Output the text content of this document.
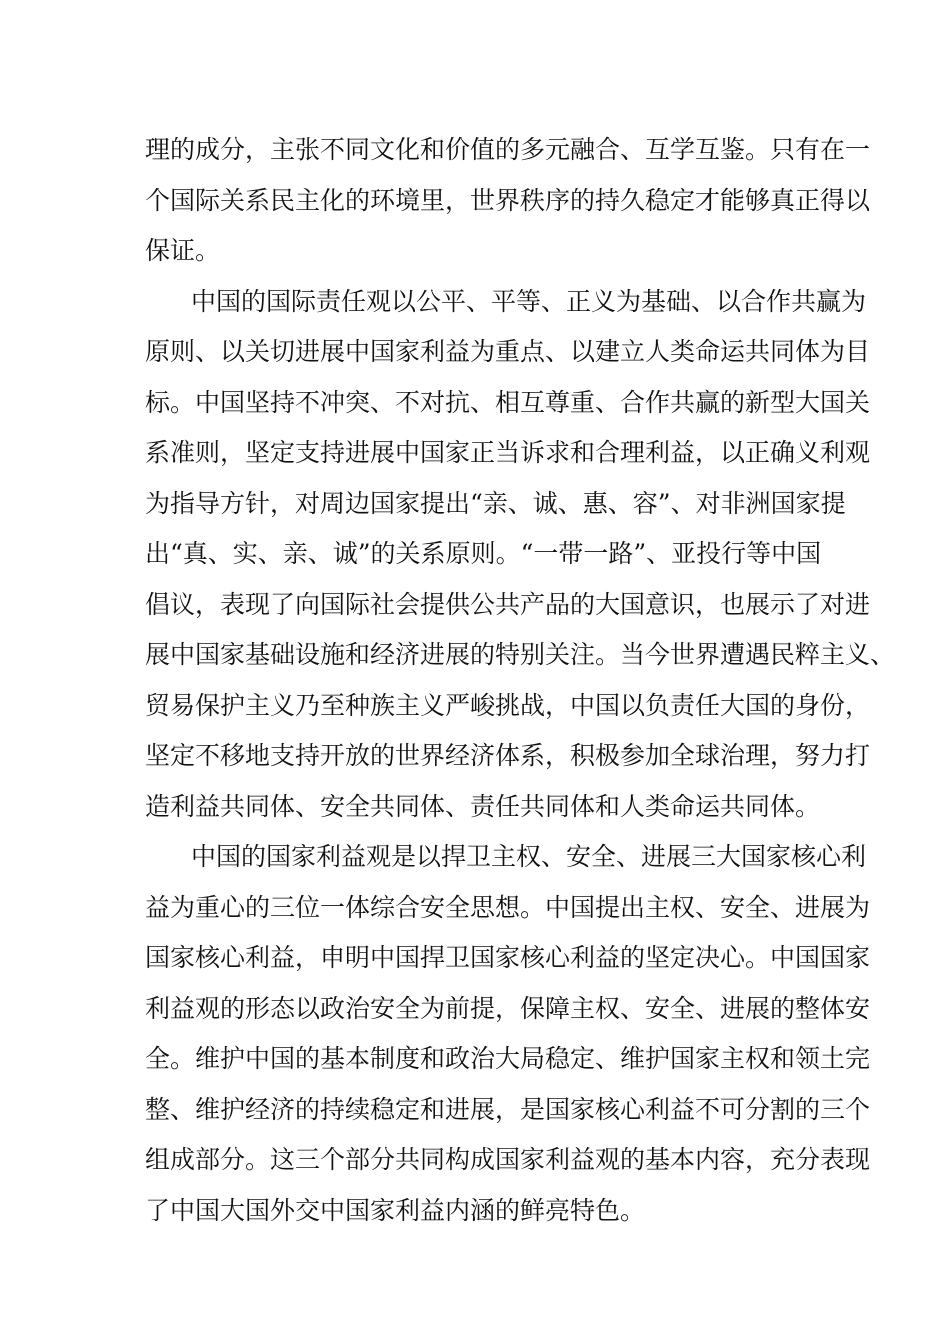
理的成分，主张不同文化和价值的多元融合、互学互鉴。只有在一
个国际关系民主化的环境里，世界秩序的持久稳定才能够真正得以
保证。
中国的国际责任观以公平、平等、正义为基础、以合作共赢为
原则、以关切进展中国家利益为重点、以建立人类命运共同体为目
标。中国坚持不冲突、不对抗、相互尊重、合作共赢的新型大国关
系准则，坚定支持进展中国家正当诉求和合理利益，以正确义利观
为指导方针，对周边国家提出“亲、诚、惠、容”、对非洲国家提
出“真、实、亲、诚”的关系原则。“一带一路”、亚投行等中国
倡议，表现了向国际社会提供公共产品的大国意识，也展示了对进
展中国家基础设施和经济进展的特别关注。当今世界遭遇民粹主义、
贸易保护主义乃至种族主义严峻挑战，中国以负责任大国的身份，
坚定不移地支持开放的世界经济体系，积极参加全球治理，努力打
造利益共同体、安全共同体、责任共同体和人类命运共同体。
中国的国家利益观是以捍卫主权、安全、进展三大国家核心利
益为重心的三位一体综合安全思想。中国提出主权、安全、进展为
国家核心利益，申明中国捍卫国家核心利益的坚定决心。中国国家
利益观的形态以政治安全为前提，保障主权、安全、进展的整体安
全。维护中国的基本制度和政治大局稳定、维护国家主权和领土完
整、维护经济的持续稳定和进展，是国家核心利益不可分割的三个
组成部分。这三个部分共同构成国家利益观的基本内容，充分表现
了中国大国外交中国家利益内涵的鲜亮特色。
